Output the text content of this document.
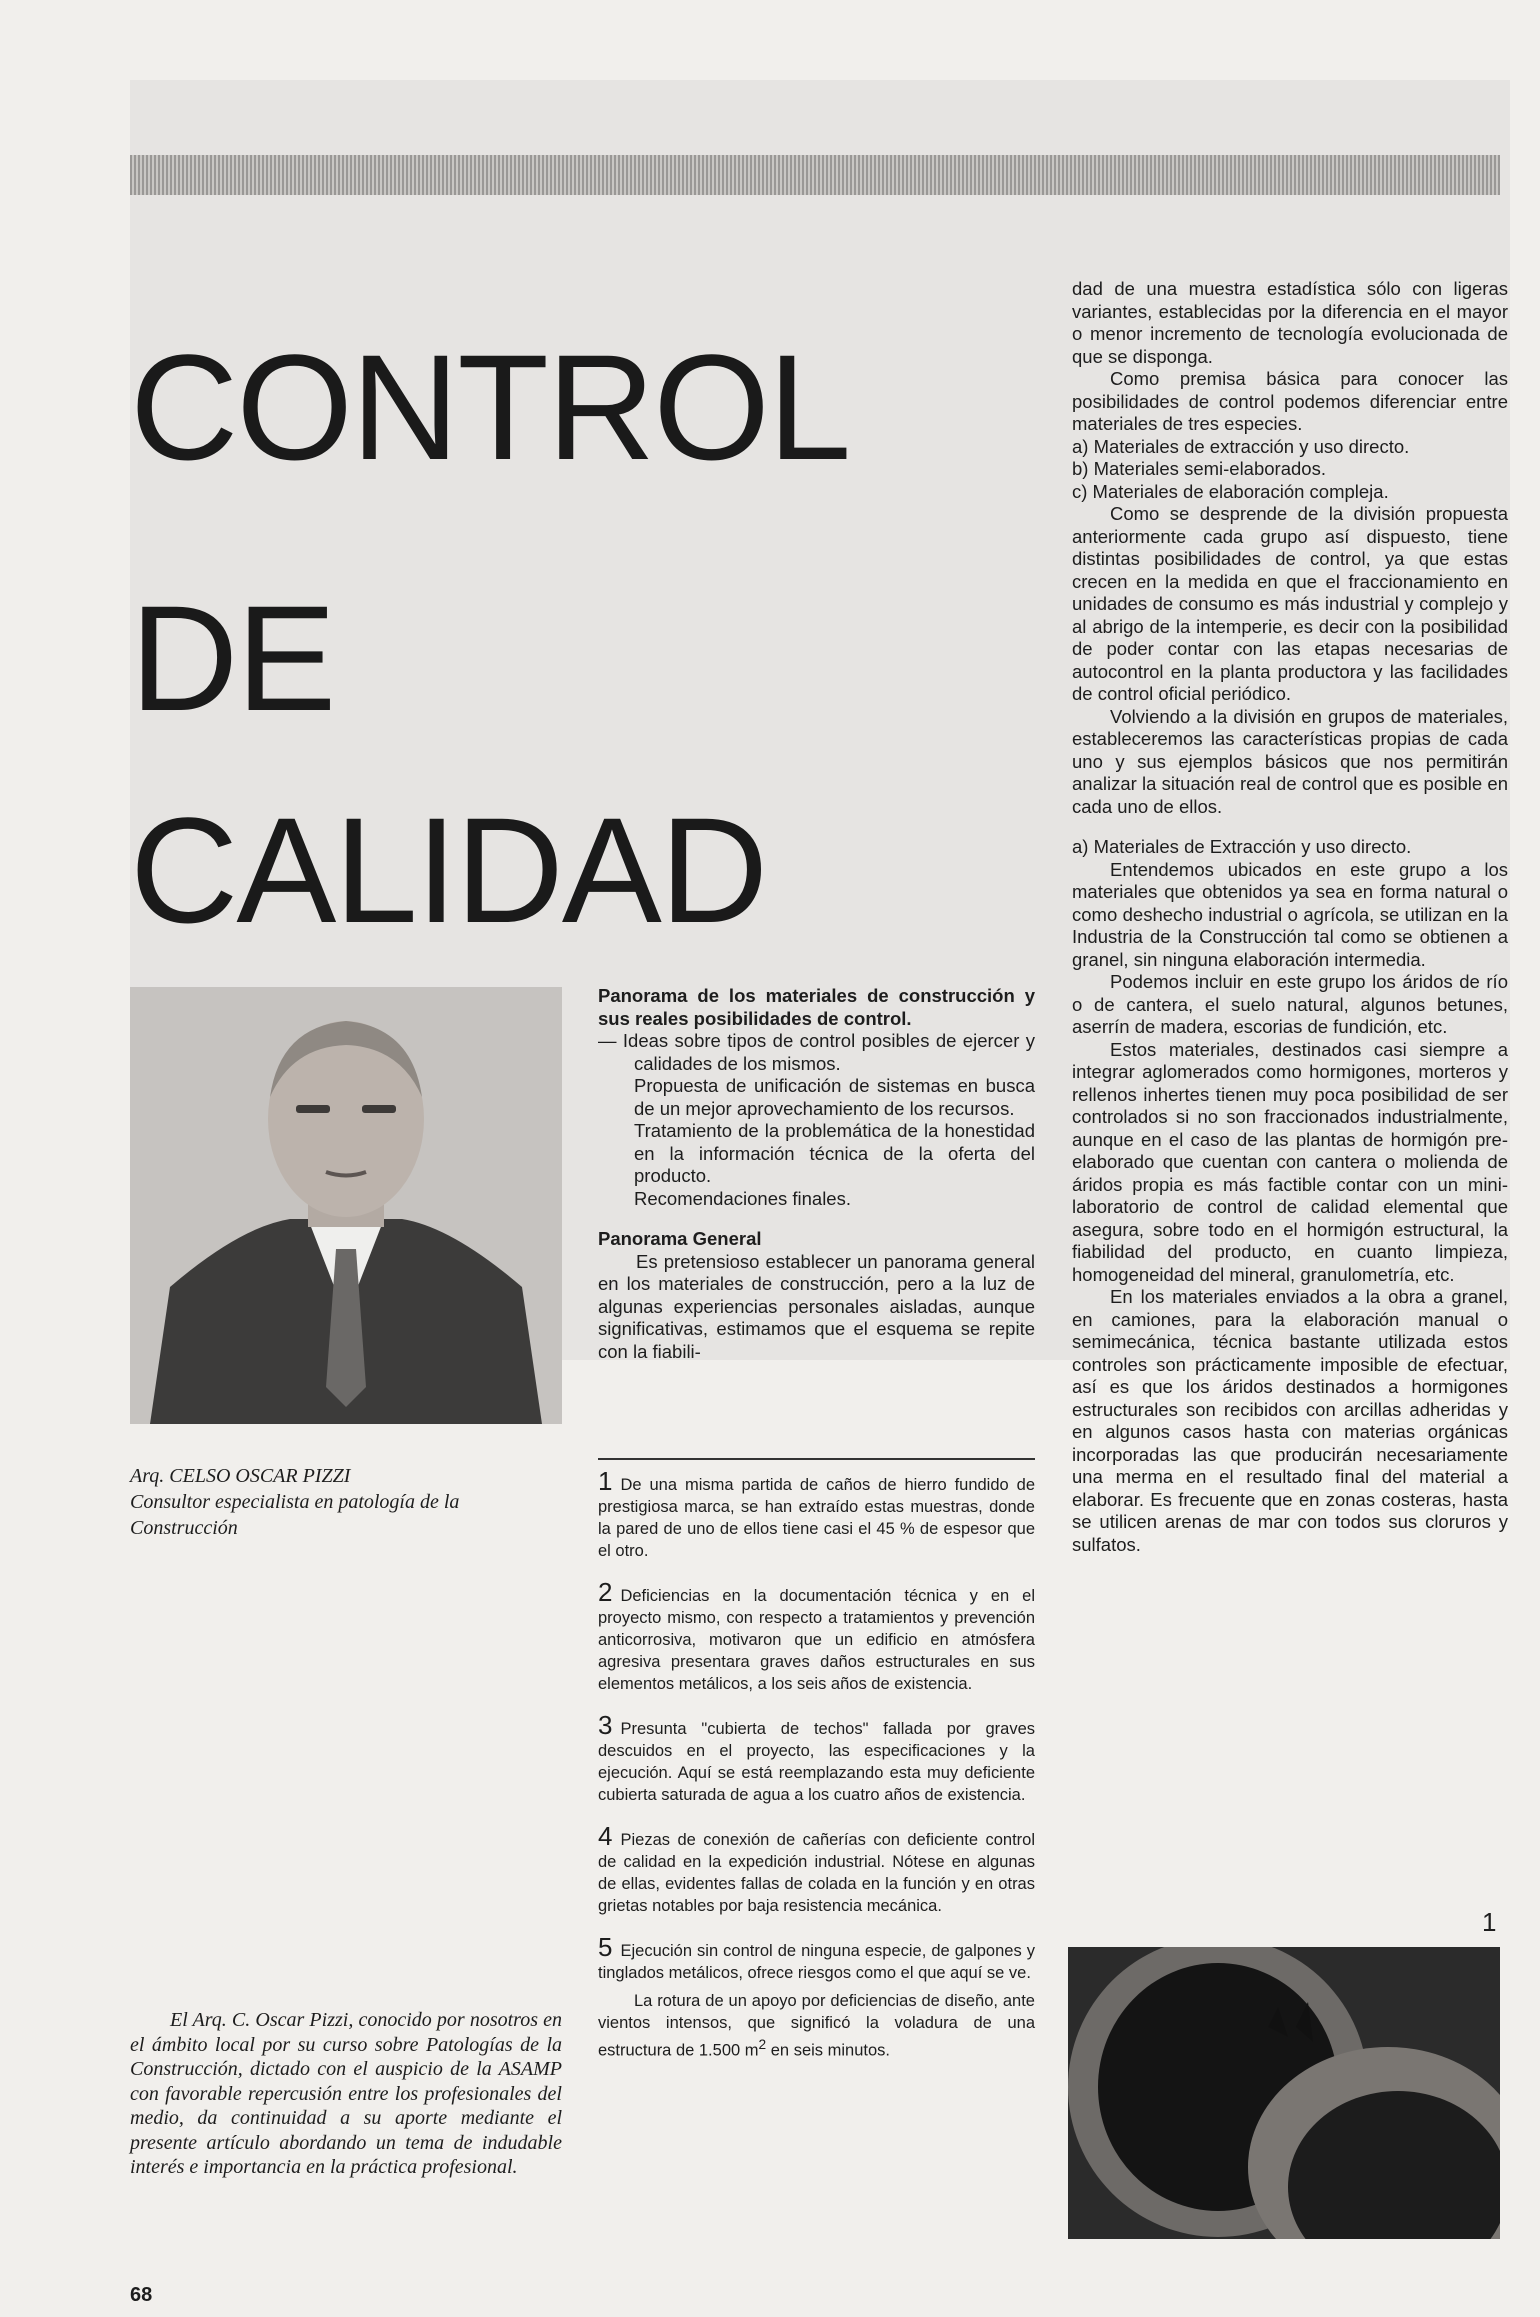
CONTROL
DE
CALIDAD
Arq. CELSO OSCAR PIZZI
Consultor especialista en patología de la Construcción

El Arq. C. Oscar Pizzi, conocido por nosotros en el ámbito local por su curso sobre Patologías de la Construcción, dictado con el auspicio de la ASAMP con favorable repercusión entre los profesionales del medio, da continuidad a su aporte mediante el presente artículo abordando un tema de indudable interés e importancia en la práctica profesional.

Panorama de los materiales de construcción y sus reales posibilidades de control.

— Ideas sobre tipos de control posibles de ejercer y calidades de los mismos.

Propuesta de unificación de sistemas en busca de un mejor aprovechamiento de los recursos.

Tratamiento de la problemática de la honestidad en la información técnica de la oferta del producto.

Recomendaciones finales.

Panorama General

Es pretensioso establecer un panorama general en los materiales de construcción, pero a la luz de algunas experiencias personales aisladas, aunque significativas, estimamos que el esquema se repite con la fiabili-

1 De una misma partida de caños de hierro fundido de prestigiosa marca, se han extraído estas muestras, donde la pared de uno de ellos tiene casi el 45 % de espesor que el otro.

2 Deficiencias en la documentación técnica y en el proyecto mismo, con respecto a tratamientos y prevención anticorrosiva, motivaron que un edificio en atmósfera agresiva presentara graves daños estructurales en sus elementos metálicos, a los seis años de existencia.

3 Presunta "cubierta de techos" fallada por graves descuidos en el proyecto, las especificaciones y la ejecución. Aquí se está reemplazando esta muy deficiente cubierta saturada de agua a los cuatro años de existencia.

4 Piezas de conexión de cañerías con deficiente control de calidad en la expedición industrial. Nótese en algunas de ellas, evidentes fallas de colada en la función y en otras grietas notables por baja resistencia mecánica.

5 Ejecución sin control de ninguna especie, de galpones y tinglados metálicos, ofrece riesgos como el que aquí se ve.

La rotura de un apoyo por deficiencias de diseño, ante vientos intensos, que significó la voladura de una estructura de 1.500 $m^2$ en seis minutos.

dad de una muestra estadística sólo con ligeras variantes, establecidas por la diferencia en el mayor o menor incremento de tecnología evolucionada de que se disponga.

Como premisa básica para conocer las posibilidades de control podemos diferenciar entre materiales de tres especies.

a) Materiales de extracción y uso directo.

b) Materiales semi-elaborados.

c) Materiales de elaboración compleja.

Como se desprende de la división propuesta anteriormente cada grupo así dispuesto, tiene distintas posibilidades de control, ya que estas crecen en la medida en que el fraccionamiento en unidades de consumo es más industrial y complejo y al abrigo de la intemperie, es decir con la posibilidad de poder contar con las etapas necesarias de autocontrol en la planta productora y las facilidades de control oficial periódico.

Volviendo a la división en grupos de materiales, estableceremos las características propias de cada uno y sus ejemplos básicos que nos permitirán analizar la situación real de control que es posible en cada uno de ellos.

a) Materiales de Extracción y uso directo.

Entendemos ubicados en este grupo a los materiales que obtenidos ya sea en forma natural o como deshecho industrial o agrícola, se utilizan en la Industria de la Construcción tal como se obtienen a granel, sin ninguna elaboración intermedia.

Podemos incluir en este grupo los áridos de río o de cantera, el suelo natural, algunos betunes, aserrín de madera, escorias de fundición, etc.

Estos materiales, destinados casi siempre a integrar aglomerados como hormigones, morteros y rellenos inhertes tienen muy poca posibilidad de ser controlados si no son fraccionados industrialmente, aunque en el caso de las plantas de hormigón pre-elaborado que cuentan con cantera o molienda de áridos propia es más factible contar con un mini-laboratorio de control de calidad elemental que asegura, sobre todo en el hormigón estructural, la fiabilidad del producto, en cuanto limpieza, homogeneidad del mineral, granulometría, etc.

En los materiales enviados a la obra a granel, en camiones, para la elaboración manual o semimecánica, técnica bastante utilizada estos controles son prácticamente imposible de efectuar, así es que los áridos destinados a hormigones estructurales son recibidos con arcillas adheridas y en algunos casos hasta con materias orgánicas incorporadas las que producirán necesariamente una merma en el resultado final del material a elaborar. Es frecuente que en zonas costeras, hasta se utilicen arenas de mar con todos sus cloruros y sulfatos.

1
68
